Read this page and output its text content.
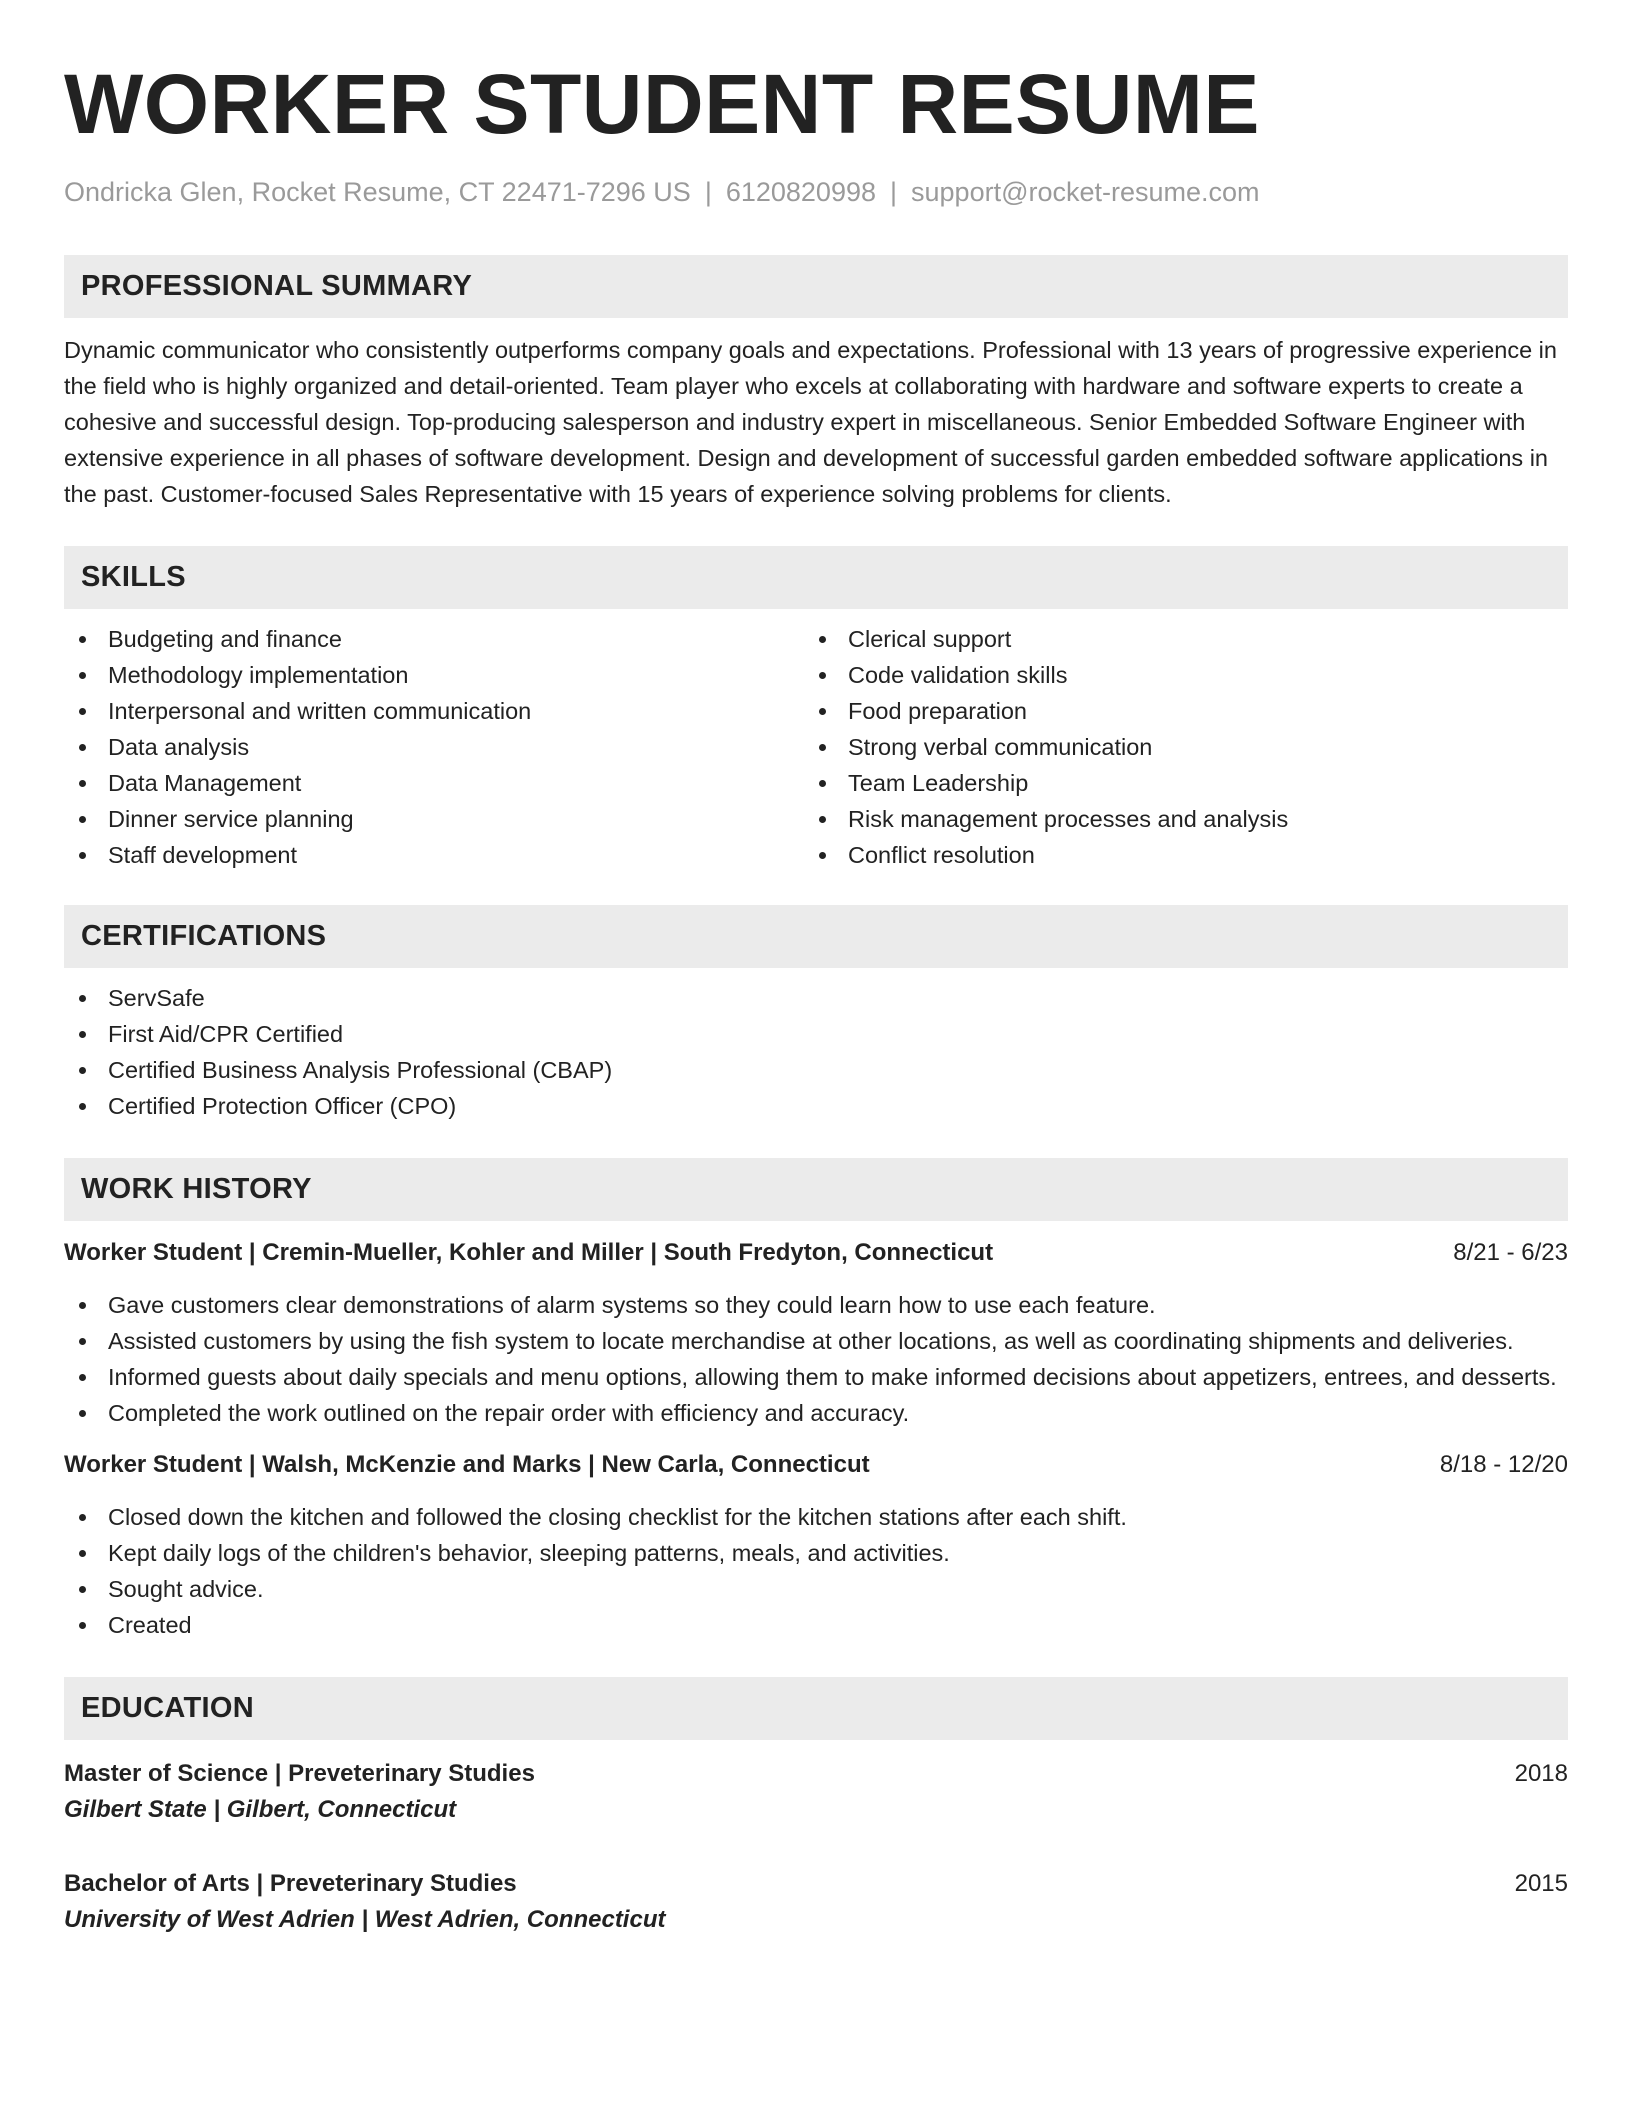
WORKER STUDENT RESUME
Ondricka Glen, Rocket Resume, CT 22471-7296 US | 6120820998 | support@rocket-resume.com
PROFESSIONAL SUMMARY

Dynamic communicator who consistently outperforms company goals and expectations. Professional with 13 years of progressive experience in the field who is highly organized and detail-oriented. Team player who excels at collaborating with hardware and software experts to create a cohesive and successful design. Top-producing salesperson and industry expert in miscellaneous. Senior Embedded Software Engineer with extensive experience in all phases of software development. Design and development of successful garden embedded software applications in the past. Customer-focused Sales Representative with 15 years of experience solving problems for clients.

SKILLS
Budgeting and finance
Methodology implementation
Interpersonal and written communication
Data analysis
Data Management
Dinner service planning
Staff development
Clerical support
Code validation skills
Food preparation
Strong verbal communication
Team Leadership
Risk management processes and analysis
Conflict resolution
CERTIFICATIONS
ServSafe
First Aid/CPR Certified
Certified Business Analysis Professional (CBAP)
Certified Protection Officer (CPO)
WORK HISTORY
Worker Student | Cremin-Mueller, Kohler and Miller | South Fredyton, Connecticut	8/21 - 6/23
Gave customers clear demonstrations of alarm systems so they could learn how to use each feature.
Assisted customers by using the fish system to locate merchandise at other locations, as well as coordinating shipments and deliveries.
Informed guests about daily specials and menu options, allowing them to make informed decisions about appetizers, entrees, and desserts.
Completed the work outlined on the repair order with efficiency and accuracy.
Worker Student | Walsh, McKenzie and Marks | New Carla, Connecticut	8/18 - 12/20
Closed down the kitchen and followed the closing checklist for the kitchen stations after each shift.
Kept daily logs of the children's behavior, sleeping patterns, meals, and activities.
Sought advice.
Created
EDUCATION
Master of Science | Preveterinary Studies	2018
Gilbert State | Gilbert, Connecticut
Bachelor of Arts | Preveterinary Studies	2015
University of West Adrien | West Adrien, Connecticut
